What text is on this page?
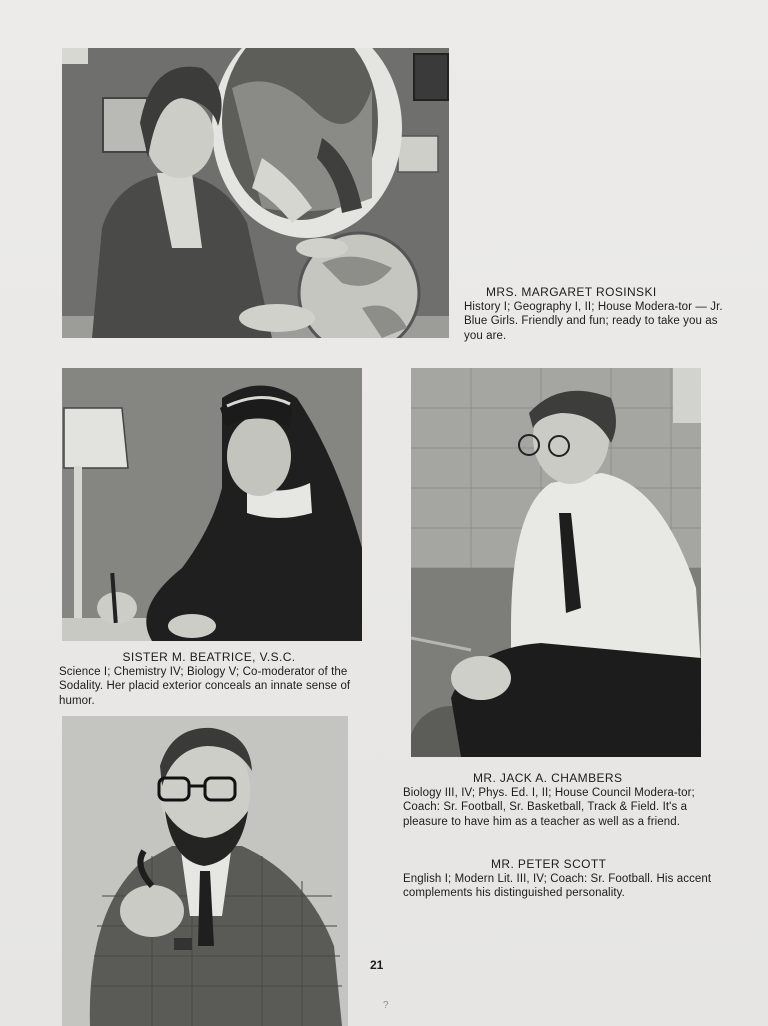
MRS. MARGARET ROSINSKI
History I; Geography I, II; House Modera-tor — Jr. Blue Girls. Friendly and fun; ready to take you as you are.
SISTER M. BEATRICE, V.S.C.
Science I; Chemistry IV; Biology V; Co-moderator of the Sodality. Her placid exterior conceals an innate sense of humor.
MR. JACK A. CHAMBERS
Biology III, IV; Phys. Ed. I, II; House Council Modera-tor; Coach: Sr. Football, Sr. Basketball, Track & Field. It's a pleasure to have him as a teacher as well as a friend.
MR. PETER SCOTT
English I; Modern Lit. III, IV; Coach: Sr. Football. His accent complements his distinguished personality.
21
?
